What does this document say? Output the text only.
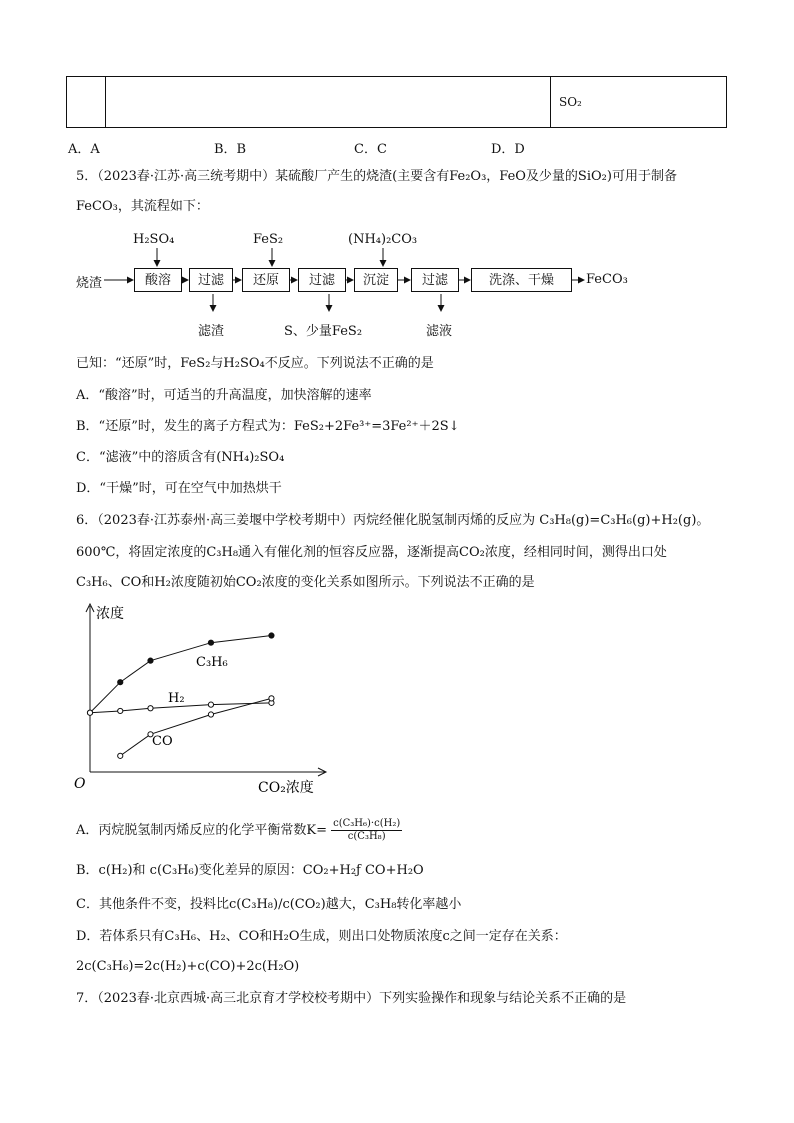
		SO₂
A．A	B．B	C．C	D．D
5．（2023春·江苏·高三统考期中）某硫酸厂产生的烧渣(主要含有Fe₂O₃，FeO及少量的SiO₂)可用于制备
FeCO₃，其流程如下：
烧渣	FeCO₃
酸溶	过滤	还原	过滤	沉淀	过滤	洗涤、干燥
H₂SO₄	FeS₂	(NH₄)₂CO₃
滤渣	S、少量FeS₂	滤液
已知：“还原”时，FeS₂与H₂SO₄不反应。下列说法不正确的是
A．“酸溶”时，可适当的升高温度，加快溶解的速率
B．“还原”时，发生的离子方程式为：FeS₂+2Fe³⁺=3Fe²⁺＋2S↓
C．“滤液”中的溶质含有(NH₄)₂SO₄
D．“干燥”时，可在空气中加热烘干
6．（2023春·江苏泰州·高三姜堰中学校考期中）丙烷经催化脱氢制丙烯的反应为 C₃H₈(g)=C₃H₆(g)+H₂(g)。
600℃，将固定浓度的C₃H₈通入有催化剂的恒容反应器，逐渐提高CO₂浓度，经相同时间，测得出口处
C₃H₆、CO和H₂浓度随初始CO₂浓度的变化关系如图所示。下列说法不正确的是
浓度
CO₂浓度
O
C₃H₆
H₂
CO
A．丙烷脱氢制丙烯反应的化学平衡常数$K= \frac{\text{c(C₃H₆)·c(H₂)}}{\text{c(C₃H₈)}}$
B．c(H₂)和 c(C₃H₆)变化差异的原因：CO₂+H₂ƒ CO+H₂O
C．其他条件不变，投料比c(C₃H₈)/c(CO₂)越大，C₃H₈转化率越小
D．若体系只有C₃H₆、H₂、CO和H₂O生成，则出口处物质浓度c之间一定存在关系：
2c(C₃H₆)=2c(H₂)+c(CO)+2c(H₂O)
7．（2023春·北京西城·高三北京育才学校校考期中）下列实验操作和现象与结论关系不正确的是
